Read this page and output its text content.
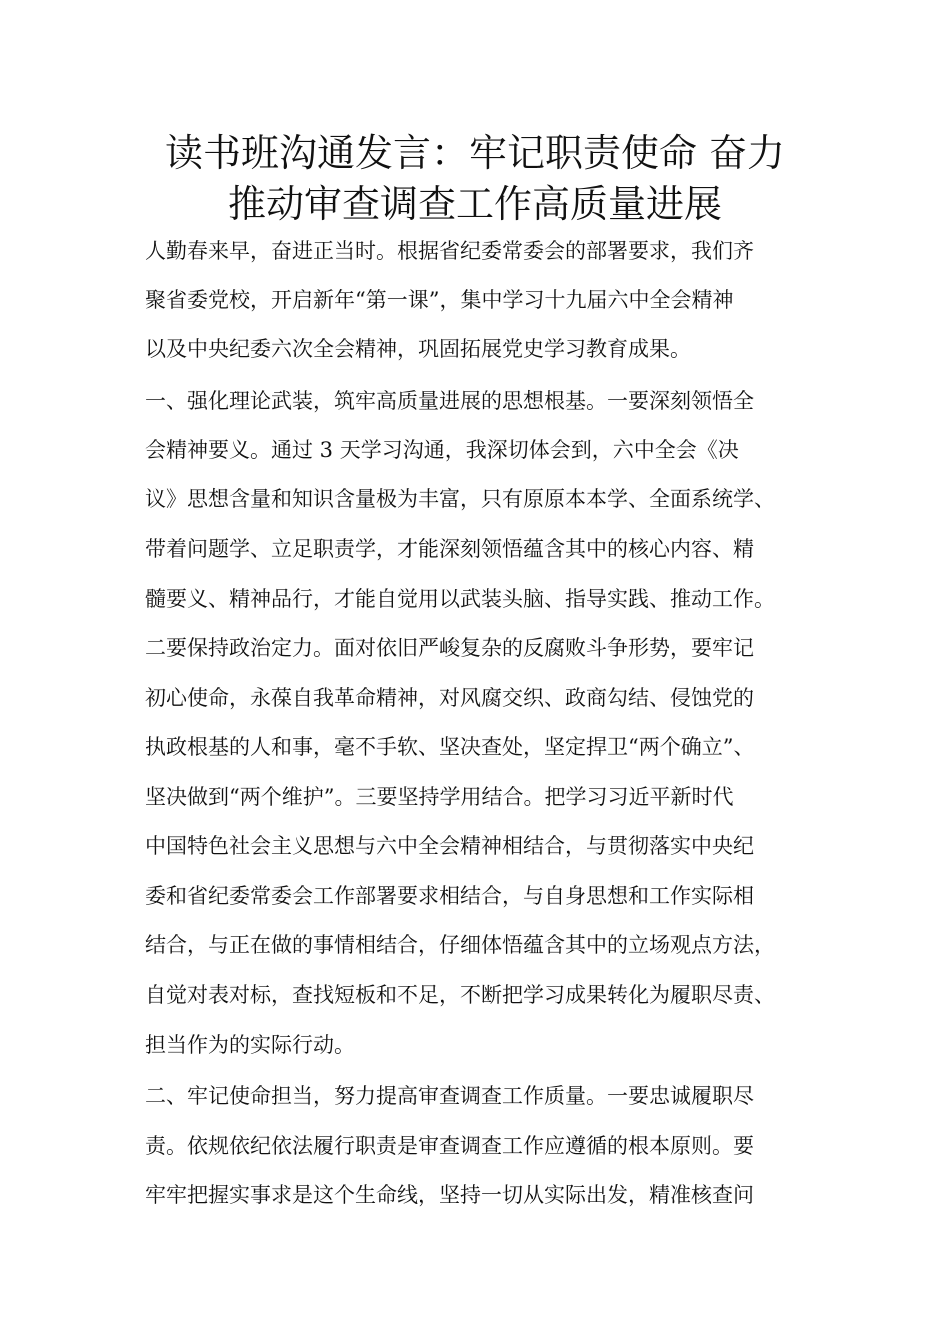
读书班沟通发言：牢记职责使命 奋力
推动审查调查工作高质量进展
人勤春来早，奋进正当时。根据省纪委常委会的部署要求，我们齐
聚省委党校，开启新年“第一课”，集中学习十九届六中全会精神
以及中央纪委六次全会精神，巩固拓展党史学习教育成果。
一、强化理论武装，筑牢高质量进展的思想根基。一要深刻领悟全
会精神要义。通过 3 天学习沟通，我深切体会到，六中全会《决
议》思想含量和知识含量极为丰富，只有原原本本学、全面系统学、
带着问题学、立足职责学，才能深刻领悟蕴含其中的核心内容、精
髓要义、精神品行，才能自觉用以武装头脑、指导实践、推动工作。
二要保持政治定力。面对依旧严峻复杂的反腐败斗争形势，要牢记
初心使命，永葆自我革命精神，对风腐交织、政商勾结、侵蚀党的
执政根基的人和事，毫不手软、坚决查处，坚定捍卫“两个确立”、
坚决做到“两个维护”。三要坚持学用结合。把学习习近平新时代
中国特色社会主义思想与六中全会精神相结合，与贯彻落实中央纪
委和省纪委常委会工作部署要求相结合，与自身思想和工作实际相
结合，与正在做的事情相结合，仔细体悟蕴含其中的立场观点方法，
自觉对表对标，查找短板和不足，不断把学习成果转化为履职尽责、
担当作为的实际行动。
二、牢记使命担当，努力提高审查调查工作质量。一要忠诚履职尽
责。依规依纪依法履行职责是审查调查工作应遵循的根本原则。要
牢牢把握实事求是这个生命线，坚持一切从实际出发，精准核查问
